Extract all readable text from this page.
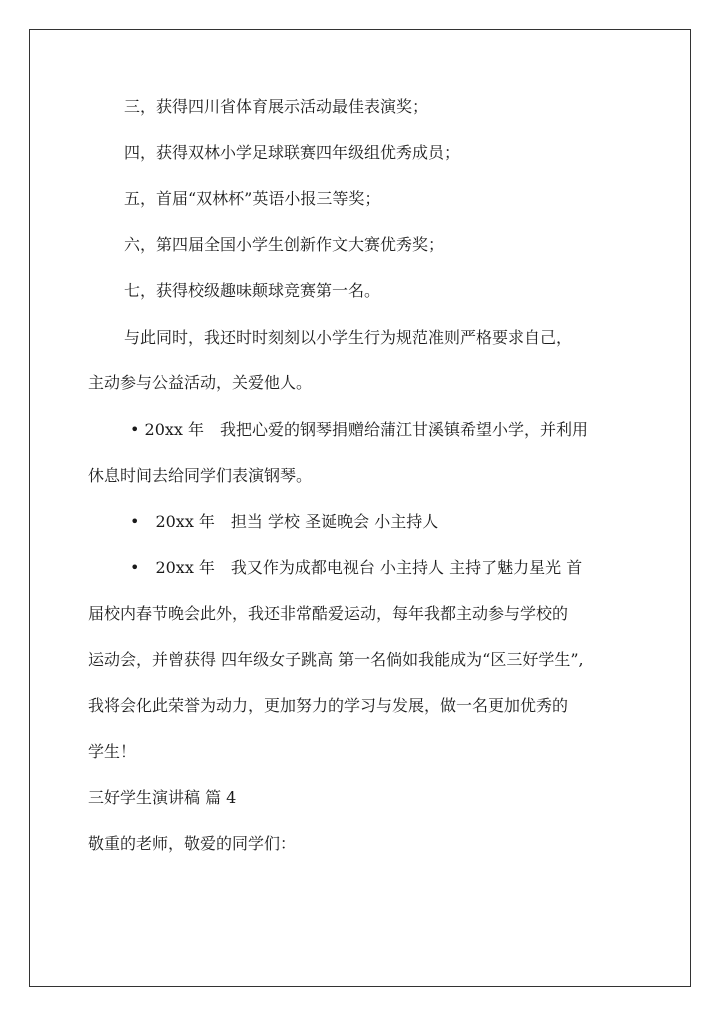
三，获得四川省体育展示活动最佳表演奖；
四，获得双林小学足球联赛四年级组优秀成员；
五，首届“双林杯”英语小报三等奖；
六，第四届全国小学生创新作文大赛优秀奖；
七，获得校级趣味颠球竞赛第一名。
与此同时，我还时时刻刻以小学生行为规范准则严格要求自己，
主动参与公益活动，关爱他人。
• 20xx 年　我把心爱的钢琴捐赠给蒲江甘溪镇希望小学，并利用
休息时间去给同学们表演钢琴。
•　20xx 年　担当 学校 圣诞晚会 小主持人
•　20xx 年　我又作为成都电视台 小主持人 主持了魅力星光 首
届校内春节晚会此外，我还非常酷爱运动，每年我都主动参与学校的
运动会，并曾获得 四年级女子跳高 第一名倘如我能成为“区三好学生”,
我将会化此荣誉为动力，更加努力的学习与发展，做一名更加优秀的
学生！
三好学生演讲稿 篇 4
敬重的老师，敬爱的同学们：
